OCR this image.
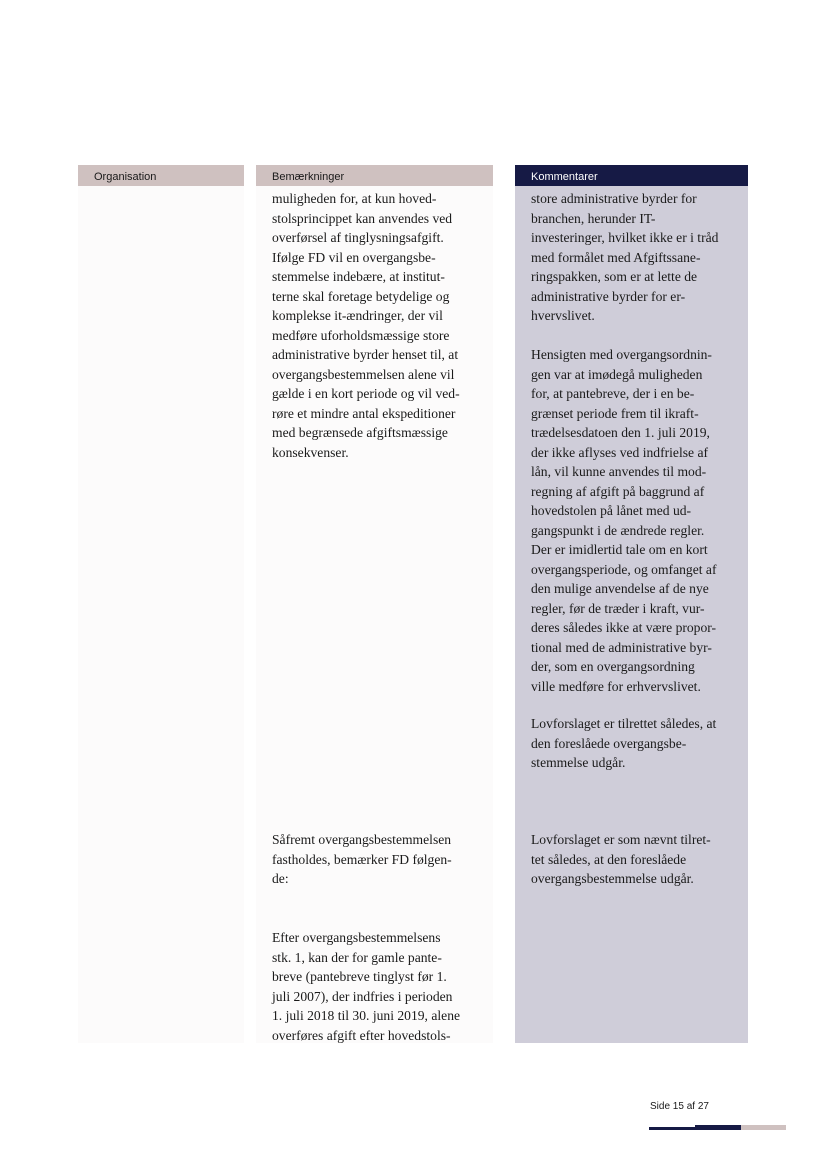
Organisation	Bemærkninger

muligheden for, at kun hoved-
stolsprincippet kan anvendes ved
overførsel af tinglysningsafgift.
Ifølge FD vil en overgangsbe-
stemmelse indebære, at institut-
terne skal foretage betydelige og
komplekse it-ændringer, der vil
medføre uforholdsmæssige store
administrative byrder henset til, at
overgangsbestemmelsen alene vil
gælde i en kort periode og vil ved-
røre et mindre antal ekspeditioner
med begrænsede afgiftsmæssige
konsekvenser.

Såfremt overgangsbestemmelsen
fastholdes, bemærker FD følgen-
de:

Efter overgangsbestemmelsens
stk. 1, kan der for gamle pante-
breve (pantebreve tinglyst før 1.
juli 2007), der indfries i perioden
1. juli 2018 til 30. juni 2019, alene
overføres afgift efter hovedstols-

Kommentarer

store administrative byrder for
branchen, herunder IT-
investeringer, hvilket ikke er i tråd
med formålet med Afgiftssane-
ringspakken, som er at lette de
administrative byrder for er-
hvervslivet.

Hensigten med overgangsordnin-
gen var at imødegå muligheden
for, at pantebreve, der i en be-
grænset periode frem til ikraft-
trædelsesdatoen den 1. juli 2019,
der ikke aflyses ved indfrielse af
lån, vil kunne anvendes til mod-
regning af afgift på baggrund af
hovedstolen på lånet med ud-
gangspunkt i de ændrede regler.
Der er imidlertid tale om en kort
overgangsperiode, og omfanget af
den mulige anvendelse af de nye
regler, før de træder i kraft, vur-
deres således ikke at være propor-
tional med de administrative byr-
der, som en overgangsordning
ville medføre for erhvervslivet.

Lovforslaget er tilrettet således, at
den foreslåede overgangsbe-
stemmelse udgår.

Lovforslaget er som nævnt tilret-
tet således, at den foreslåede
overgangsbestemmelse udgår.

Side 15 af 27
